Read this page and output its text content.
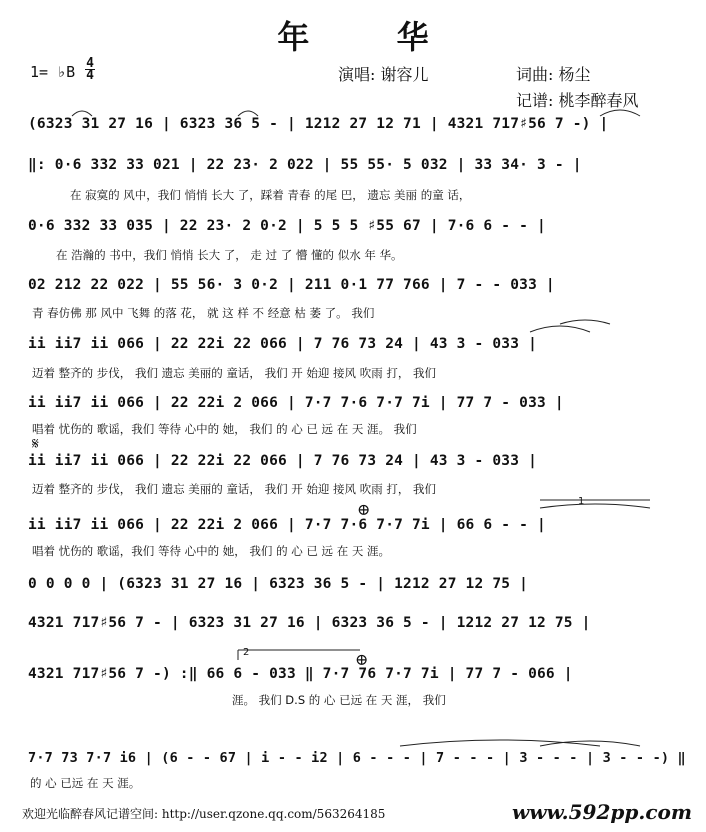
年 华
1= ♭B 4
4	演唱: 谢容儿	词曲: 杨尘
记谱: 桃李醉春风
(6323 31 27 16 | 6323 36 5 - | 1212 27 12 71 | 4321 717♯56 7 -) |
‖: 0·6 332 33 021 | 22 23· 2 022 | 55 55· 5 032 | 33 34· 3 - |
在 寂寞的 风中，我们 悄悄 长大 了，踩着 青春 的尾 巴， 遗忘 美丽 的童 话，
0·6 332 33 035 | 22 23· 2 0·2 | 5 5 5 ♯55 67 | 7·6 6 - - |
在 浩瀚的 书中，我们 悄悄 长大 了， 走 过 了 懵 懂的 似水 年 华。
02 212 22 022 | 55 56· 3 0·2 | 211 0·1 77 766 | 7 - - 033 |
青 春仿佛 那 风中 飞舞 的落 花， 就 这 样 不 经意 枯 萎 了。 我们
ii ii7 ii 066 | 22 22i 22 066 | 7 76 73 24 | 43 3 - 033 |
迈着 整齐的 步伐， 我们 遗忘 美丽的 童话， 我们 开 始迎 接风 吹雨 打， 我们
ii ii7 ii 066 | 22 22i 2 066 | 7·7 7·6 7·7 7i | 77 7 - 033 |
唱着 忧伤的 歌谣，我们 等待 心中的 她， 我们 的 心 已 远 在 天 涯。 我们
𝄋
ii ii7 ii 066 | 22 22i 22 066 | 7 76 73 24 | 43 3 - 033 |
迈着 整齐的 步伐， 我们 遗忘 美丽的 童话， 我们 开 始迎 接风 吹雨 打， 我们
⊕	1
ii ii7 ii 066 | 22 22i 2 066 | 7·7 7·6 7·7 7i | 66 6 - - |
唱着 忧伤的 歌谣，我们 等待 心中的 她， 我们 的 心 已 远 在 天 涯。
0 0 0 0 | (6323 31 27 16 | 6323 36 5 - | 1212 27 12 75 |
4321 717♯56 7 - | 6323 31 27 16 | 6323 36 5 - | 1212 27 12 75 |
2	⊕
4321 717♯56 7 -) :‖ 66 6 - 033 ‖ 7·7 76 7·7 7i | 77 7 - 066 |
涯。 我们 D.S 的 心 已远 在 天 涯， 我们
7·7 73 7·7 i6 | (6 - - 67 | i - - i2 | 6 - - - | 7 - - - | 3 - - - | 3 - - -) ‖
的 心 已远 在 天 涯。
欢迎光临醉春风记谱空间: http://user.qzone.qq.com/563264185	www.592pp.com
